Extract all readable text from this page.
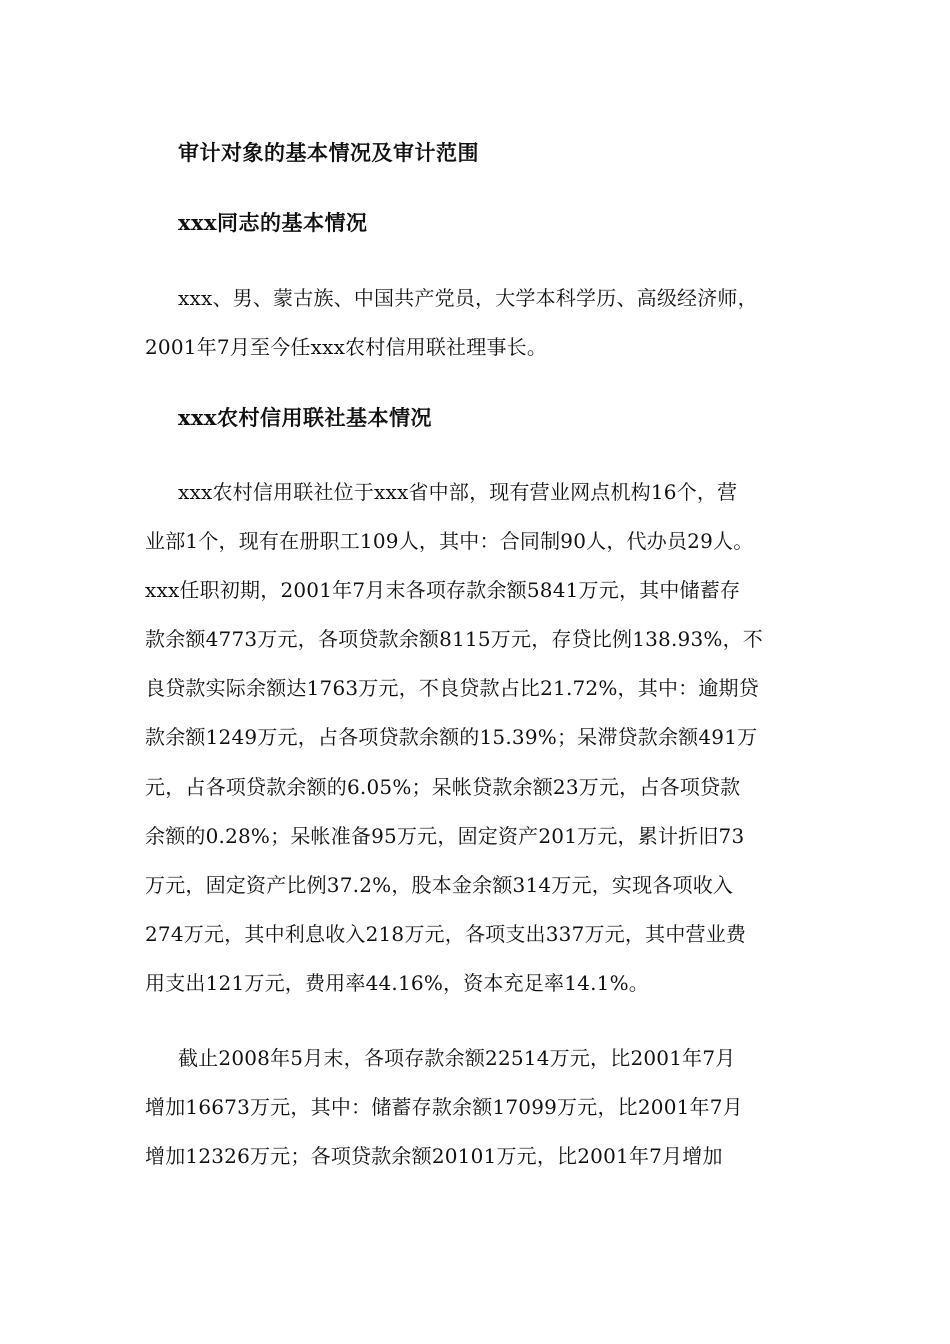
审计对象的基本情况及审计范围
xxx同志的基本情况
xxx、男、蒙古族、中国共产党员，大学本科学历、高级经济师，
2001年7月至今任xxx农村信用联社理事长。
xxx农村信用联社基本情况
xxx农村信用联社位于xxx省中部，现有营业网点机构16个，营
业部1个，现有在册职工109人，其中：合同制90人，代办员29人。
xxx任职初期，2001年7月末各项存款余额5841万元，其中储蓄存
款余额4773万元，各项贷款余额8115万元，存贷比例138.93%，不
良贷款实际余额达1763万元，不良贷款占比21.72%，其中：逾期贷
款余额1249万元，占各项贷款余额的15.39%；呆滞贷款余额491万
元，占各项贷款余额的6.05%；呆帐贷款余额23万元，占各项贷款
余额的0.28%；呆帐准备95万元，固定资产201万元，累计折旧73
万元，固定资产比例37.2%，股本金余额314万元，实现各项收入
274万元，其中利息收入218万元，各项支出337万元，其中营业费
用支出121万元，费用率44.16%，资本充足率14.1%。
截止2008年5月末，各项存款余额22514万元，比2001年7月
增加16673万元，其中：储蓄存款余额17099万元，比2001年7月
增加12326万元；各项贷款余额20101万元，比2001年7月增加
